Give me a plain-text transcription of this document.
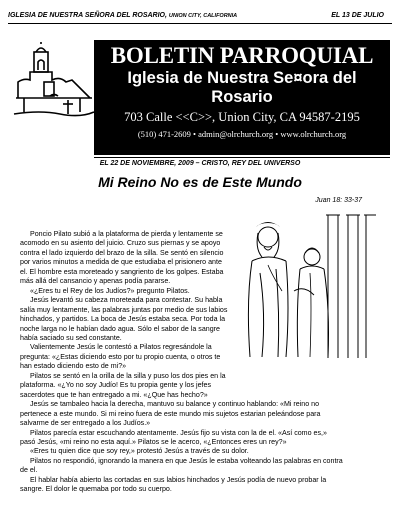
IGLESIA DE NUESTRA SEÑORA DEL ROSARIO, UNION CITY, CALIFORNIA	EL 13 DE JULIO
BOLETIN PARROQUIAL
Iglesia de Nuestra Se¤ora del
Rosario
703 Calle <<C>>, Union City, CA 94587-2195
(510) 471-2609 • admin@olrchurch.org • www.olrchurch.org
EL 22 DE NOVIEMBRE, 2009 – CRISTO, REY DEL UNIVERSO
Mi Reino No es de Este Mundo
Juan 18: 33-37

Poncio Pilato subió a la plataforma de pierda y lentamente se

acomodo en su asiento del juicio. Cruzo sus piernas y se apoyo

contra el lado izquierdo del brazo de la silla. Se sentó en silencio

por varios minutos a medida de que estudiaba el prisionero ante

el. El hombre esta moreteado y sangriento de los golpes. Estaba

más allá del cansancio y apenas podía pararse.

«¿Eres tu el Rey de los Judíos?» pregunto Pilatos.

Jesús levantó su cabeza moreteada para contestar. Su habla

salía muy lentamente, las palabras juntas por medio de sus labios

hinchados, y partidos. La boca de Jesús estaba seca. Por toda la

noche larga no le habían dado agua. Sólo el sabor de la sangre

había saciado su sed constante.

Valientemente Jesús le contestó a Pilatos regresándole la

pregunta: «¿Estas diciendo esto por tu propio cuenta, o otros te

han estado diciendo esto de mi?»

Pilatos se sentó en la orilla de la silla y puso los dos pies en la

plataforma. «¿Yo no soy Judío! Es tu propia gente y los jefes

sacerdotes que te han entregado a mi. «¿Que has hecho?»

Jesús se tambaleo hacia la derecha, mantuvo su balance y continuo hablando: «Mi reino no

pertenece a este mundo. Si mi reino fuera de este mundo mis sujetos estarian peleándose para

salvarme de ser entregado a los Judíos.»

Pilatos parecía estar escuchando atentamente. Jesús fijo su vista con la de el. «Así como es,»

pasó Jesús, «mi reino no esta aquí.» Pilatos se le acerco, «¿Entonces eres un rey?»

«Eres tu quien dice que soy rey,» protestó Jesús a través de su dolor.

Pilatos no respondió, ignorando la manera en que Jesús le estaba volteando las palabras en contra

de el.

El hablar había abierto las cortadas en sus labios hinchados y Jesús podía de nuevo probar la

sangre. El dolor le quemaba por todo su cuerpo.
